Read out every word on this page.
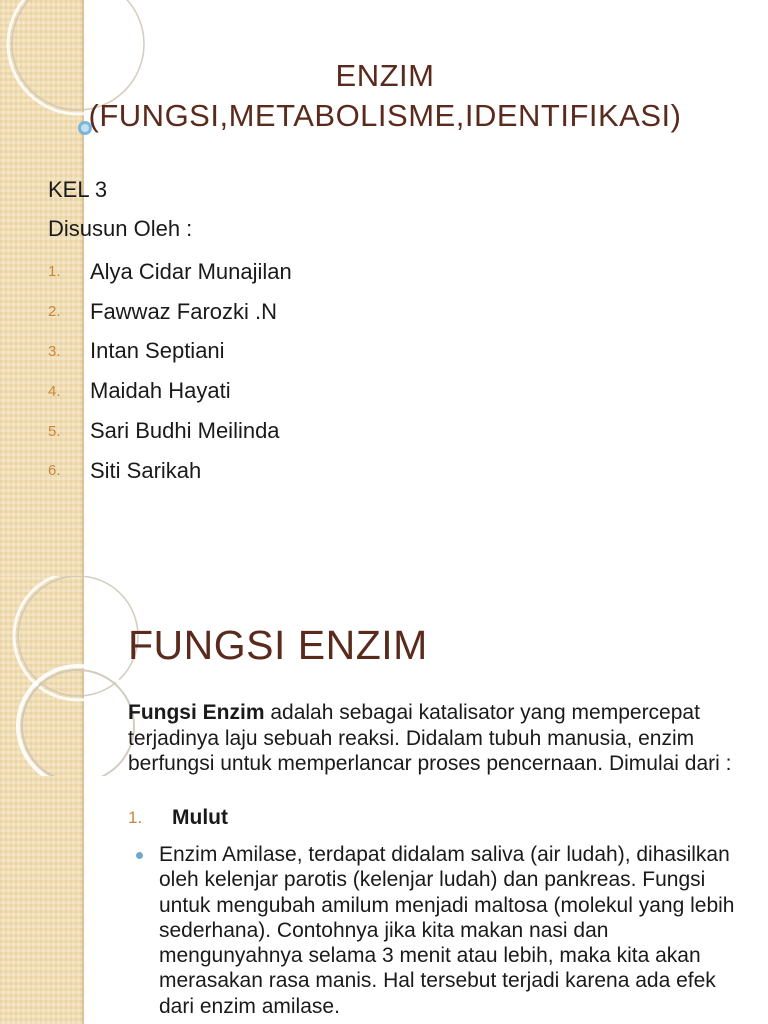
ENZIM
(FUNGSI,METABOLISME,IDENTIFIKASI)
KEL 3
Disusun Oleh :
1.	Alya Cidar Munajilan
2.	Fawwaz Farozki .N
3.	Intan Septiani
4.	Maidah Hayati
5.	Sari Budhi Meilinda
6.	Siti Sarikah
FUNGSI ENZIM
Fungsi Enzim adalah sebagai katalisator yang mempercepat terjadinya laju sebuah reaksi. Didalam tubuh manusia, enzim berfungsi untuk memperlancar proses pencernaan. Dimulai dari :
1.	Mulut
Enzim Amilase, terdapat didalam saliva (air ludah), dihasilkan oleh kelenjar parotis (kelenjar ludah) dan pankreas. Fungsi untuk mengubah amilum menjadi maltosa (molekul yang lebih sederhana). Contohnya jika kita makan nasi dan mengunyahnya selama 3 menit atau lebih, maka kita akan merasakan rasa manis. Hal tersebut terjadi karena ada efek dari enzim amilase.
